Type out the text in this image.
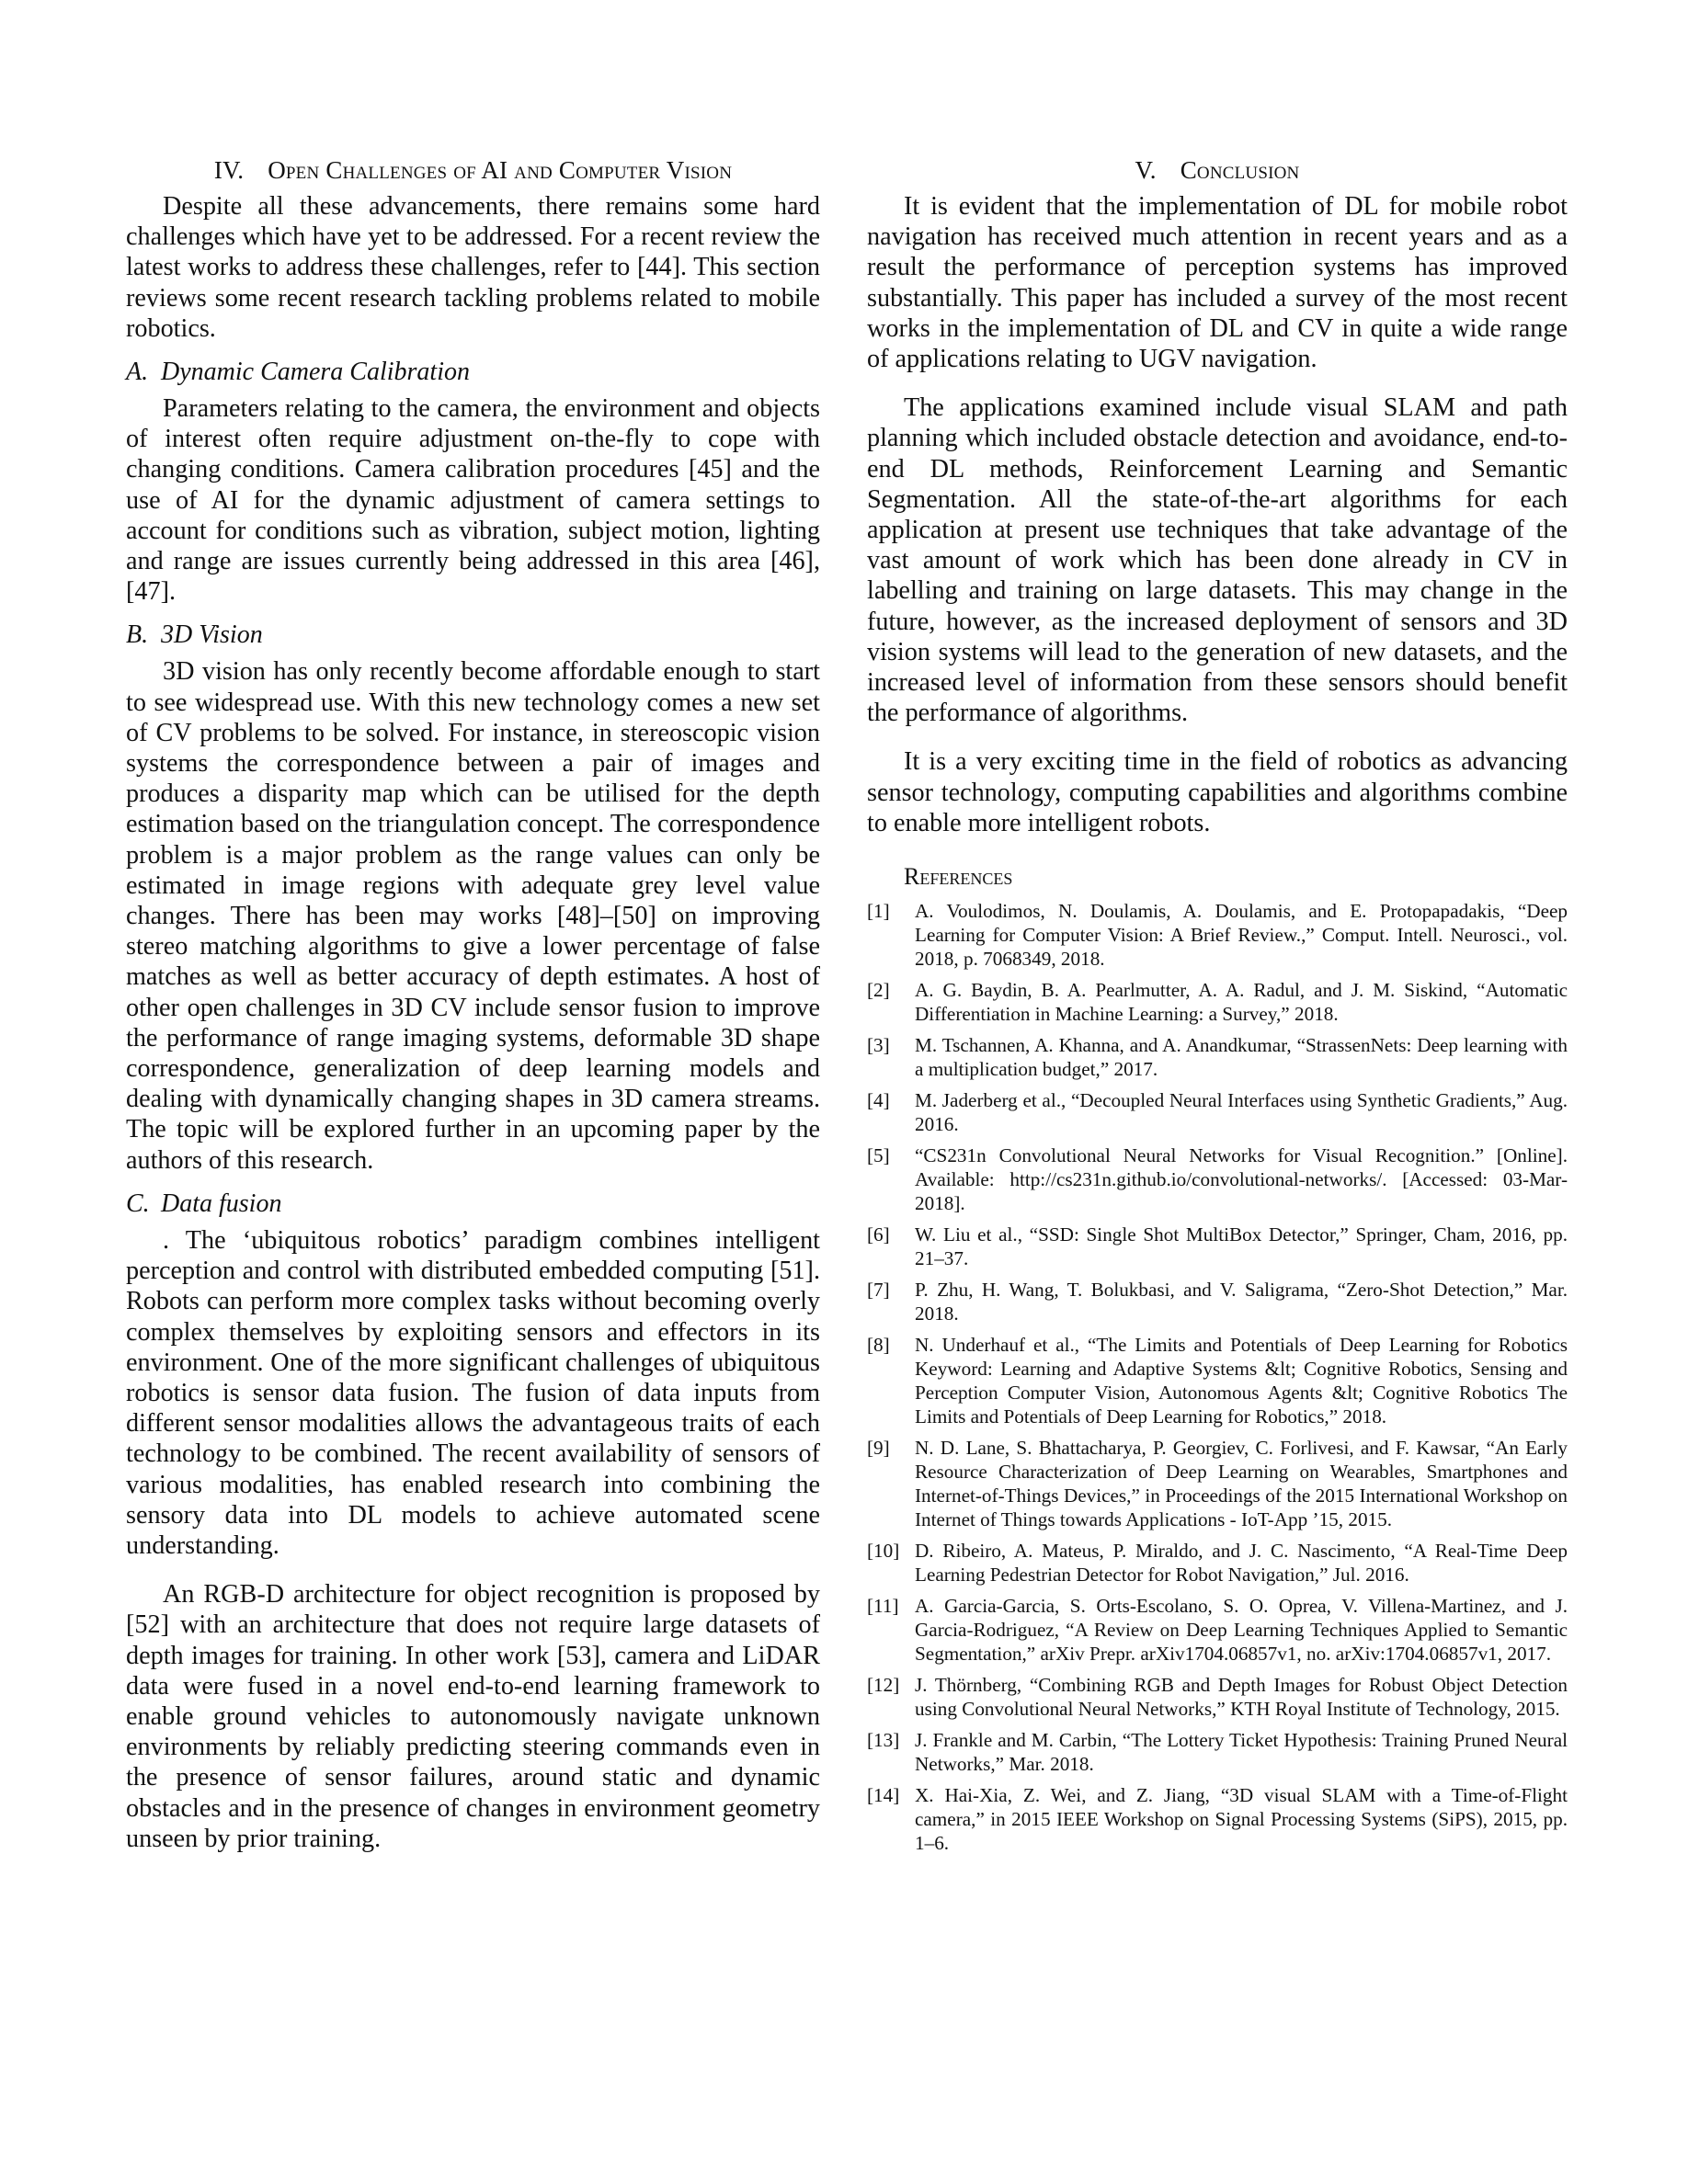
IV. Open Challenges of AI and Computer Vision

Despite all these advancements, there remains some hard challenges which have yet to be addressed. For a recent review the latest works to address these challenges, refer to [44]. This section reviews some recent research tackling problems related to mobile robotics.

A. Dynamic Camera Calibration

Parameters relating to the camera, the environment and objects of interest often require adjustment on-the-fly to cope with changing conditions. Camera calibration procedures [45] and the use of AI for the dynamic adjustment of camera settings to account for conditions such as vibration, subject motion, lighting and range are issues currently being addressed in this area [46], [47].

B. 3D Vision

3D vision has only recently become affordable enough to start to see widespread use. With this new technology comes a new set of CV problems to be solved. For instance, in stereoscopic vision systems the correspondence between a pair of images and produces a disparity map which can be utilised for the depth estimation based on the triangulation concept. The correspondence problem is a major problem as the range values can only be estimated in image regions with adequate grey level value changes. There has been may works [48]–[50] on improving stereo matching algorithms to give a lower percentage of false matches as well as better accuracy of depth estimates. A host of other open challenges in 3D CV include sensor fusion to improve the performance of range imaging systems, deformable 3D shape correspondence, generalization of deep learning models and dealing with dynamically changing shapes in 3D camera streams. The topic will be explored further in an upcoming paper by the authors of this research.

C. Data fusion

. The ‘ubiquitous robotics’ paradigm combines intelligent perception and control with distributed embedded computing [51]. Robots can perform more complex tasks without becoming overly complex themselves by exploiting sensors and effectors in its environment. One of the more significant challenges of ubiquitous robotics is sensor data fusion. The fusion of data inputs from different sensor modalities allows the advantageous traits of each technology to be combined. The recent availability of sensors of various modalities, has enabled research into combining the sensory data into DL models to achieve automated scene understanding.

An RGB-D architecture for object recognition is proposed by [52] with an architecture that does not require large datasets of depth images for training. In other work [53], camera and LiDAR data were fused in a novel end-to-end learning framework to enable ground vehicles to autonomously navigate unknown environments by reliably predicting steering commands even in the presence of sensor failures, around static and dynamic obstacles and in the presence of changes in environment geometry unseen by prior training.

V. Conclusion

It is evident that the implementation of DL for mobile robot navigation has received much attention in recent years and as a result the performance of perception systems has improved substantially. This paper has included a survey of the most recent works in the implementation of DL and CV in quite a wide range of applications relating to UGV navigation.

The applications examined include visual SLAM and path planning which included obstacle detection and avoidance, end-to-end DL methods, Reinforcement Learning and Semantic Segmentation. All the state-of-the-art algorithms for each application at present use techniques that take advantage of the vast amount of work which has been done already in CV in labelling and training on large datasets. This may change in the future, however, as the increased deployment of sensors and 3D vision systems will lead to the generation of new datasets, and the increased level of information from these sensors should benefit the performance of algorithms.

It is a very exciting time in the field of robotics as advancing sensor technology, computing capabilities and algorithms combine to enable more intelligent robots.

References
[1]	A. Voulodimos, N. Doulamis, A. Doulamis, and E. Protopapadakis, “Deep Learning for Computer Vision: A Brief Review.,” Comput. Intell. Neurosci., vol. 2018, p. 7068349, 2018.
[2]	A. G. Baydin, B. A. Pearlmutter, A. A. Radul, and J. M. Siskind, “Automatic Differentiation in Machine Learning: a Survey,” 2018.
[3]	M. Tschannen, A. Khanna, and A. Anandkumar, “StrassenNets: Deep learning with a multiplication budget,” 2017.
[4]	M. Jaderberg et al., “Decoupled Neural Interfaces using Synthetic Gradients,” Aug. 2016.
[5]	“CS231n Convolutional Neural Networks for Visual Recognition.” [Online]. Available: http://cs231n.github.io/convolutional-networks/. [Accessed: 03-Mar-2018].
[6]	W. Liu et al., “SSD: Single Shot MultiBox Detector,” Springer, Cham, 2016, pp. 21–37.
[7]	P. Zhu, H. Wang, T. Bolukbasi, and V. Saligrama, “Zero-Shot Detection,” Mar. 2018.
[8]	N. Underhauf et al., “The Limits and Potentials of Deep Learning for Robotics Keyword: Learning and Adaptive Systems &lt; Cognitive Robotics, Sensing and Perception Computer Vision, Autonomous Agents &lt; Cognitive Robotics The Limits and Potentials of Deep Learning for Robotics,” 2018.
[9]	N. D. Lane, S. Bhattacharya, P. Georgiev, C. Forlivesi, and F. Kawsar, “An Early Resource Characterization of Deep Learning on Wearables, Smartphones and Internet-of-Things Devices,” in Proceedings of the 2015 International Workshop on Internet of Things towards Applications - IoT-App ’15, 2015.
[10] D. Ribeiro, A. Mateus, P. Miraldo, and J. C. Nascimento, “A Real-Time Deep Learning Pedestrian Detector for Robot Navigation,” Jul. 2016.
[11] A. Garcia-Garcia, S. Orts-Escolano, S. O. Oprea, V. Villena-Martinez, and J. Garcia-Rodriguez, “A Review on Deep Learning Techniques Applied to Semantic Segmentation,” arXiv Prepr. arXiv1704.06857v1, no. arXiv:1704.06857v1, 2017.
[12] J. Thörnberg, “Combining RGB and Depth Images for Robust Object Detection using Convolutional Neural Networks,” KTH Royal Institute of Technology, 2015.
[13] J. Frankle and M. Carbin, “The Lottery Ticket Hypothesis: Training Pruned Neural Networks,” Mar. 2018.
[14] X. Hai-Xia, Z. Wei, and Z. Jiang, “3D visual SLAM with a Time-of-Flight camera,” in 2015 IEEE Workshop on Signal Processing Systems (SiPS), 2015, pp. 1–6.
